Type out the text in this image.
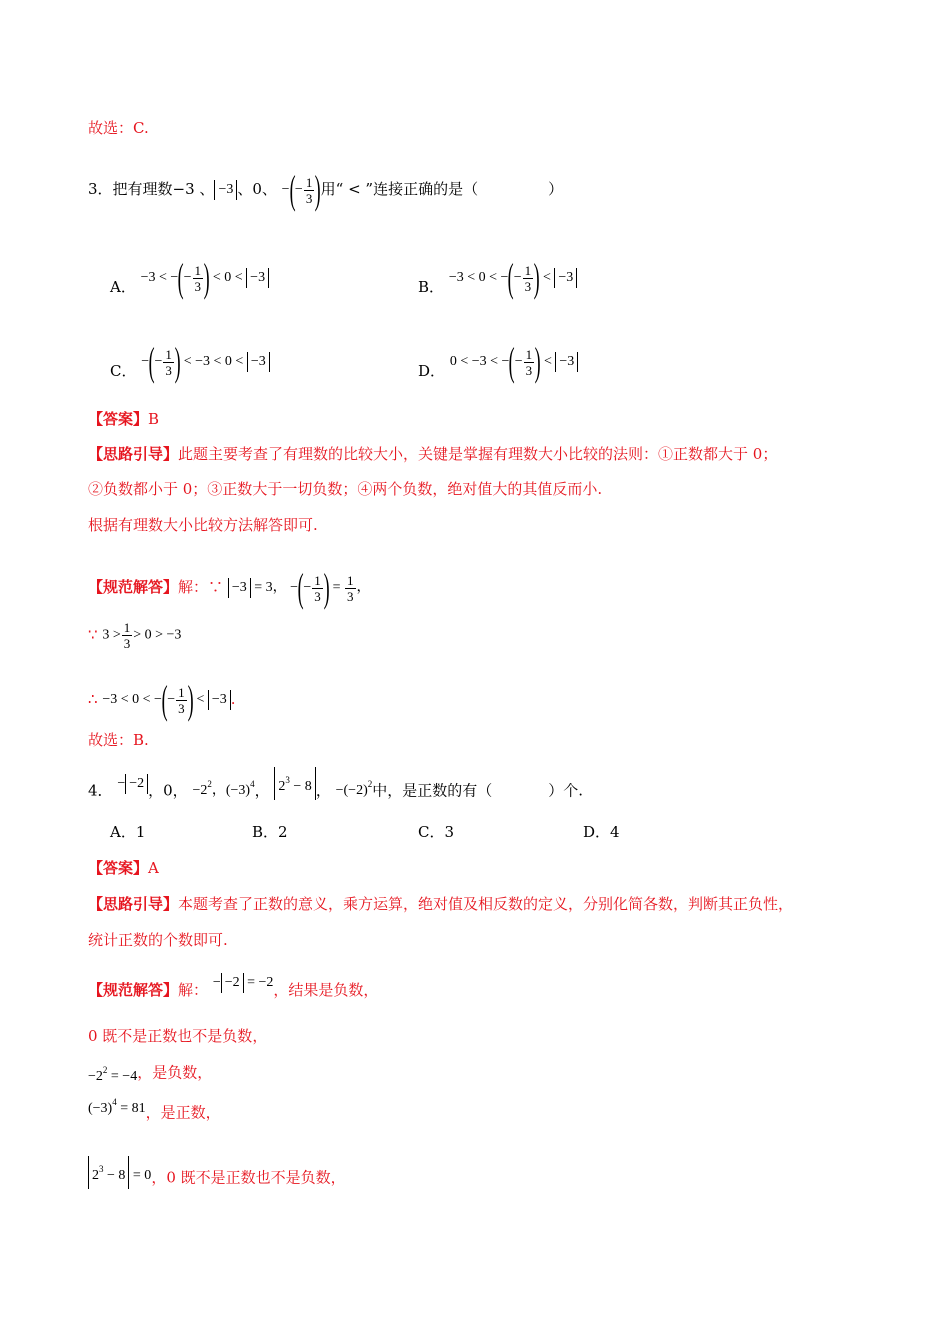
故选：C.
3．把有理数−3 、 −3 、0、 −(− $\frac{1}{3}$ )用“ < ”连接正确的是（	）
A． −3 < −(− $\frac{1}{3}$ ) < 0 < −3
B． −3 < 0 < −(− $\frac{1}{3}$ ) < −3
C． −(− $\frac{1}{3}$ ) < −3 < 0 < −3
D． 0 < −3 < −(− $\frac{1}{3}$ ) < −3
【答案】B
【思路引导】此题主要考查了有理数的比较大小，关键是掌握有理数大小比较的法则：①正数都大于 0；
②负数都小于 0；③正数大于一切负数；④两个负数，绝对值大的其值反而小.
根据有理数大小比较方法解答即可.
【规范解答】解：∵ −3 = 3， −(− $\frac{1}{3}$ ) = $\frac{1}{3}$ ，
∵ $3 > \frac{1}{3} > 0 > -3$
∴ −3 < 0 < −(− $\frac{1}{3}$ ) < −3 .
故选：B.
4． − −2 ，0， $-2^2$，$(-3)^4$， $2^3 - 8$ ， $-(-2)^2$中，是正数的有（	）个.
A．1	B．2	C．3	D．4
【答案】A
【思路引导】本题考查了正数的意义，乘方运算，绝对值及相反数的定义，分别化简各数，判断其正负性，
统计正数的个数即可.
【规范解答】解： − −2 = −2，结果是负数，
0 既不是正数也不是负数，
$-2^2 = -4$，是负数，
$(-3)^4 = 81$，是正数，
$2^3 - 8 = 0$，0 既不是正数也不是负数，
